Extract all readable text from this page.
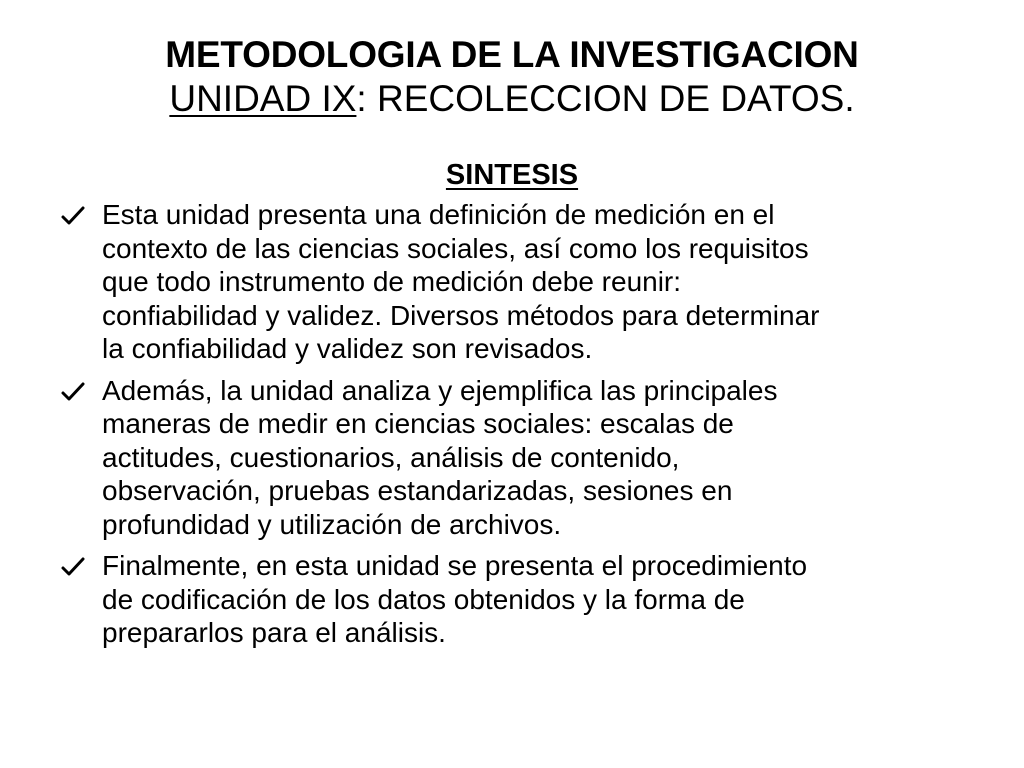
METODOLOGIA DE LA INVESTIGACION
UNIDAD IX: RECOLECCION DE DATOS.
SINTESIS
Esta unidad presenta una definición de medición en el
contexto de las ciencias sociales, así como los requisitos
que todo instrumento de medición debe reunir:
confiabilidad y validez. Diversos métodos para determinar
la confiabilidad y validez son revisados.
Además, la unidad analiza y ejemplifica las principales
maneras de medir en ciencias sociales: escalas de
actitudes, cuestionarios, análisis de contenido,
observación, pruebas estandarizadas, sesiones en
profundidad y utilización de archivos.
Finalmente, en esta unidad se presenta el procedimiento
de codificación de los datos obtenidos y la forma de
prepararlos para el análisis.
